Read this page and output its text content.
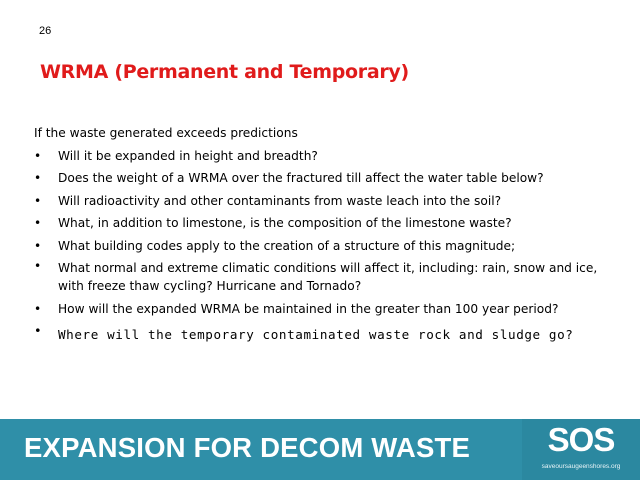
26
WRMA (Permanent and Temporary)

If the waste generated exceeds predictions

• Will it be expanded in height and breadth?
• Does the weight of a WRMA over the fractured till affect the water table below?
• Will radioactivity and other contaminants from waste leach into the soil?
• What, in addition to limestone, is the composition of the limestone waste?
• What building codes apply to the creation of a structure of this magnitude;
• What normal and extreme climatic conditions will affect it, including: rain, snow and ice, with freeze thaw cycling? Hurricane and Tornado?
• How will the expanded WRMA be maintained in the greater than 100 year period?
• Where will the temporary contaminated waste rock and sludge go?
EXPANSION FOR DECOM WASTE	SOS
saveoursaugeenshores.org
